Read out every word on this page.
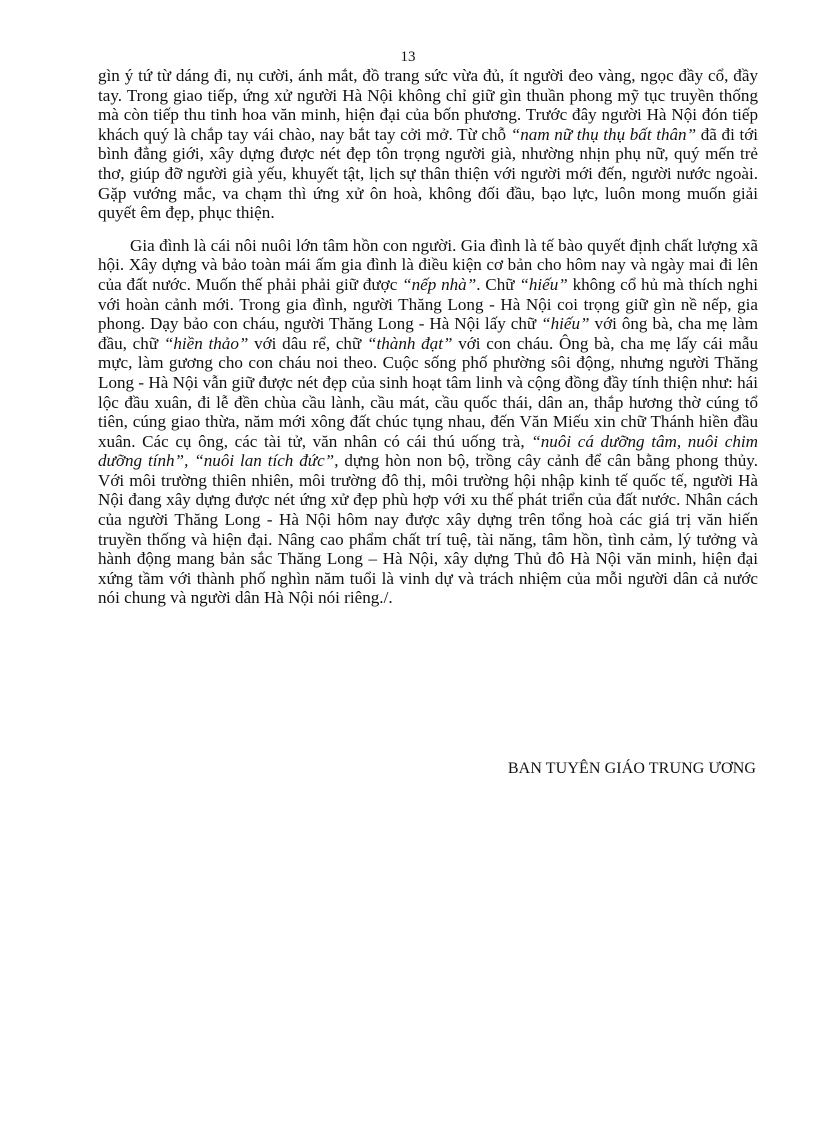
13

gìn ý tứ từ dáng đi, nụ cười, ánh mắt, đồ trang sức vừa đủ, ít người đeo vàng, ngọc đầy cổ, đầy tay. Trong giao tiếp, ứng xử người Hà Nội không chỉ giữ gìn thuần phong mỹ tục truyền thống mà còn tiếp thu tinh hoa văn minh, hiện đại của bốn phương. Trước đây người Hà Nội đón tiếp khách quý là chắp tay vái chào, nay bắt tay cởi mở. Từ chỗ “nam nữ thụ thụ bất thân” đã đi tới bình đẳng giới, xây dựng được nét đẹp tôn trọng người già, nhường nhịn phụ nữ, quý mến trẻ thơ, giúp đỡ người già yếu, khuyết tật, lịch sự thân thiện với người mới đến, người nước ngoài. Gặp vướng mắc, va chạm thì ứng xử ôn hoà, không đối đầu, bạo lực, luôn mong muốn giải quyết êm đẹp, phục thiện.

Gia đình là cái nôi nuôi lớn tâm hồn con người. Gia đình là tế bào quyết định chất lượng xã hội. Xây dựng và bảo toàn mái ấm gia đình là điều kiện cơ bản cho hôm nay và ngày mai đi lên của đất nước. Muốn thế phải phải giữ được “nếp nhà”. Chữ “hiếu” không cổ hủ mà thích nghi với hoàn cảnh mới. Trong gia đình, người Thăng Long - Hà Nội coi trọng giữ gìn nề nếp, gia phong. Dạy bảo con cháu, người Thăng Long - Hà Nội lấy chữ “hiếu” với ông bà, cha mẹ làm đầu, chữ “hiền thảo” với dâu rể, chữ “thành đạt” với con cháu. Ông bà, cha mẹ lấy cái mẫu mực, làm gương cho con cháu noi theo. Cuộc sống phố phường sôi động, nhưng người Thăng Long - Hà Nội vẫn giữ được nét đẹp của sinh hoạt tâm linh và cộng đồng đầy tính thiện như: hái lộc đầu xuân, đi lễ đền chùa cầu lành, cầu mát, cầu quốc thái, dân an, thắp hương thờ cúng tổ tiên, cúng giao thừa, năm mới xông đất chúc tụng nhau, đến Văn Miếu xin chữ Thánh hiền đầu xuân. Các cụ ông, các tài tử, văn nhân có cái thú uống trà, “nuôi cá dưỡng tâm, nuôi chim dưỡng tính”, “nuôi lan tích đức”, dựng hòn non bộ, trồng cây cảnh để cân bằng phong thủy. Với môi trường thiên nhiên, môi trường đô thị, môi trường hội nhập kinh tế quốc tế, người Hà Nội đang xây dựng được nét ứng xử đẹp phù hợp với xu thế phát triển của đất nước. Nhân cách của người Thăng Long - Hà Nội hôm nay được xây dựng trên tổng hoà các giá trị văn hiến truyền thống và hiện đại. Nâng cao phẩm chất trí tuệ, tài năng, tâm hồn, tình cảm, lý tưởng và hành động mang bản sắc Thăng Long – Hà Nội, xây dựng Thủ đô Hà Nội văn minh, hiện đại xứng tầm với thành phố nghìn năm tuổi là vinh dự và trách nhiệm của mỗi người dân cả nước nói chung và người dân Hà Nội nói riêng./.

BAN TUYÊN GIÁO TRUNG ƯƠNG
